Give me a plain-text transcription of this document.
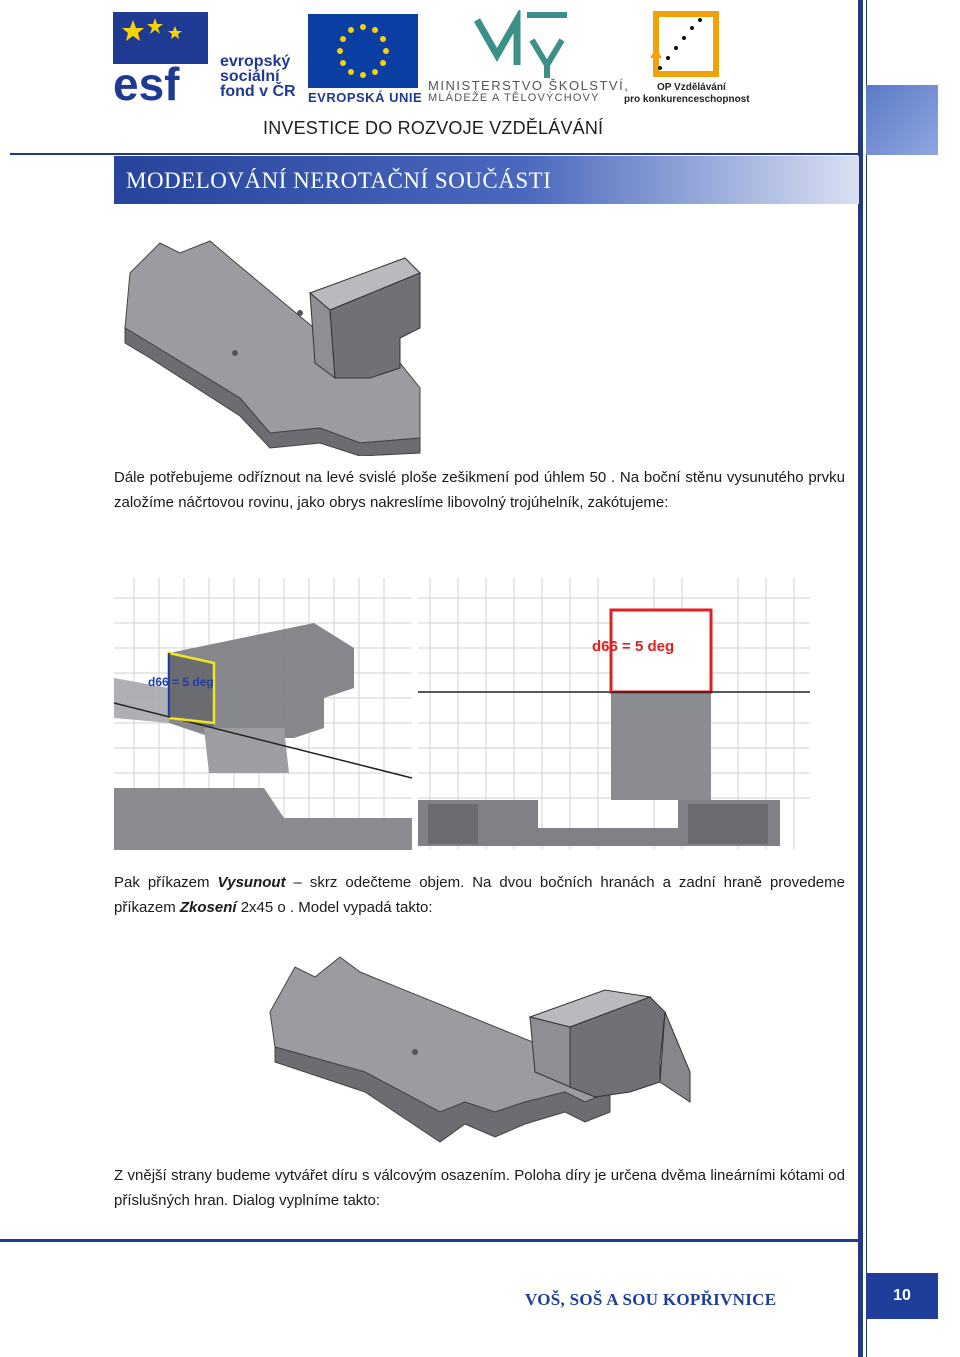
esf	evropský
sociální
fond v ČR EVROPSKÁ UNIE
MINISTERSTVO ŠKOLSTVÍ,
MLÁDEŽE A TĚLOVÝCHOVY
OP Vzdělávání
pro konkurenceschopnost
INVESTICE DO ROZVOJE VZDĚLÁVÁNÍ
MODELOVÁNÍ NEROTAČNÍ SOUČÁSTI
Dále potřebujeme odříznout na levé svislé ploše zešikmení pod úhlem 50 . Na boční stěnu vysunutého prvku založíme náčrtovou rovinu, jako obrys nakreslíme libovolný trojúhelník, zakótujeme:
d66 = 5 deg
d66 = 5 deg
Pak příkazem Vysunout – skrz odečteme objem. Na dvou bočních hranách a zadní hraně provedeme příkazem Zkosení 2x45 o . Model vypadá takto:
Z vnější strany budeme vytvářet díru s válcovým osazením. Poloha díry je určena dvěma lineárními kótami od příslušných hran. Dialog vyplníme takto:
VOŠ, SOŠ A SOU KOPŘIVNICE	10
